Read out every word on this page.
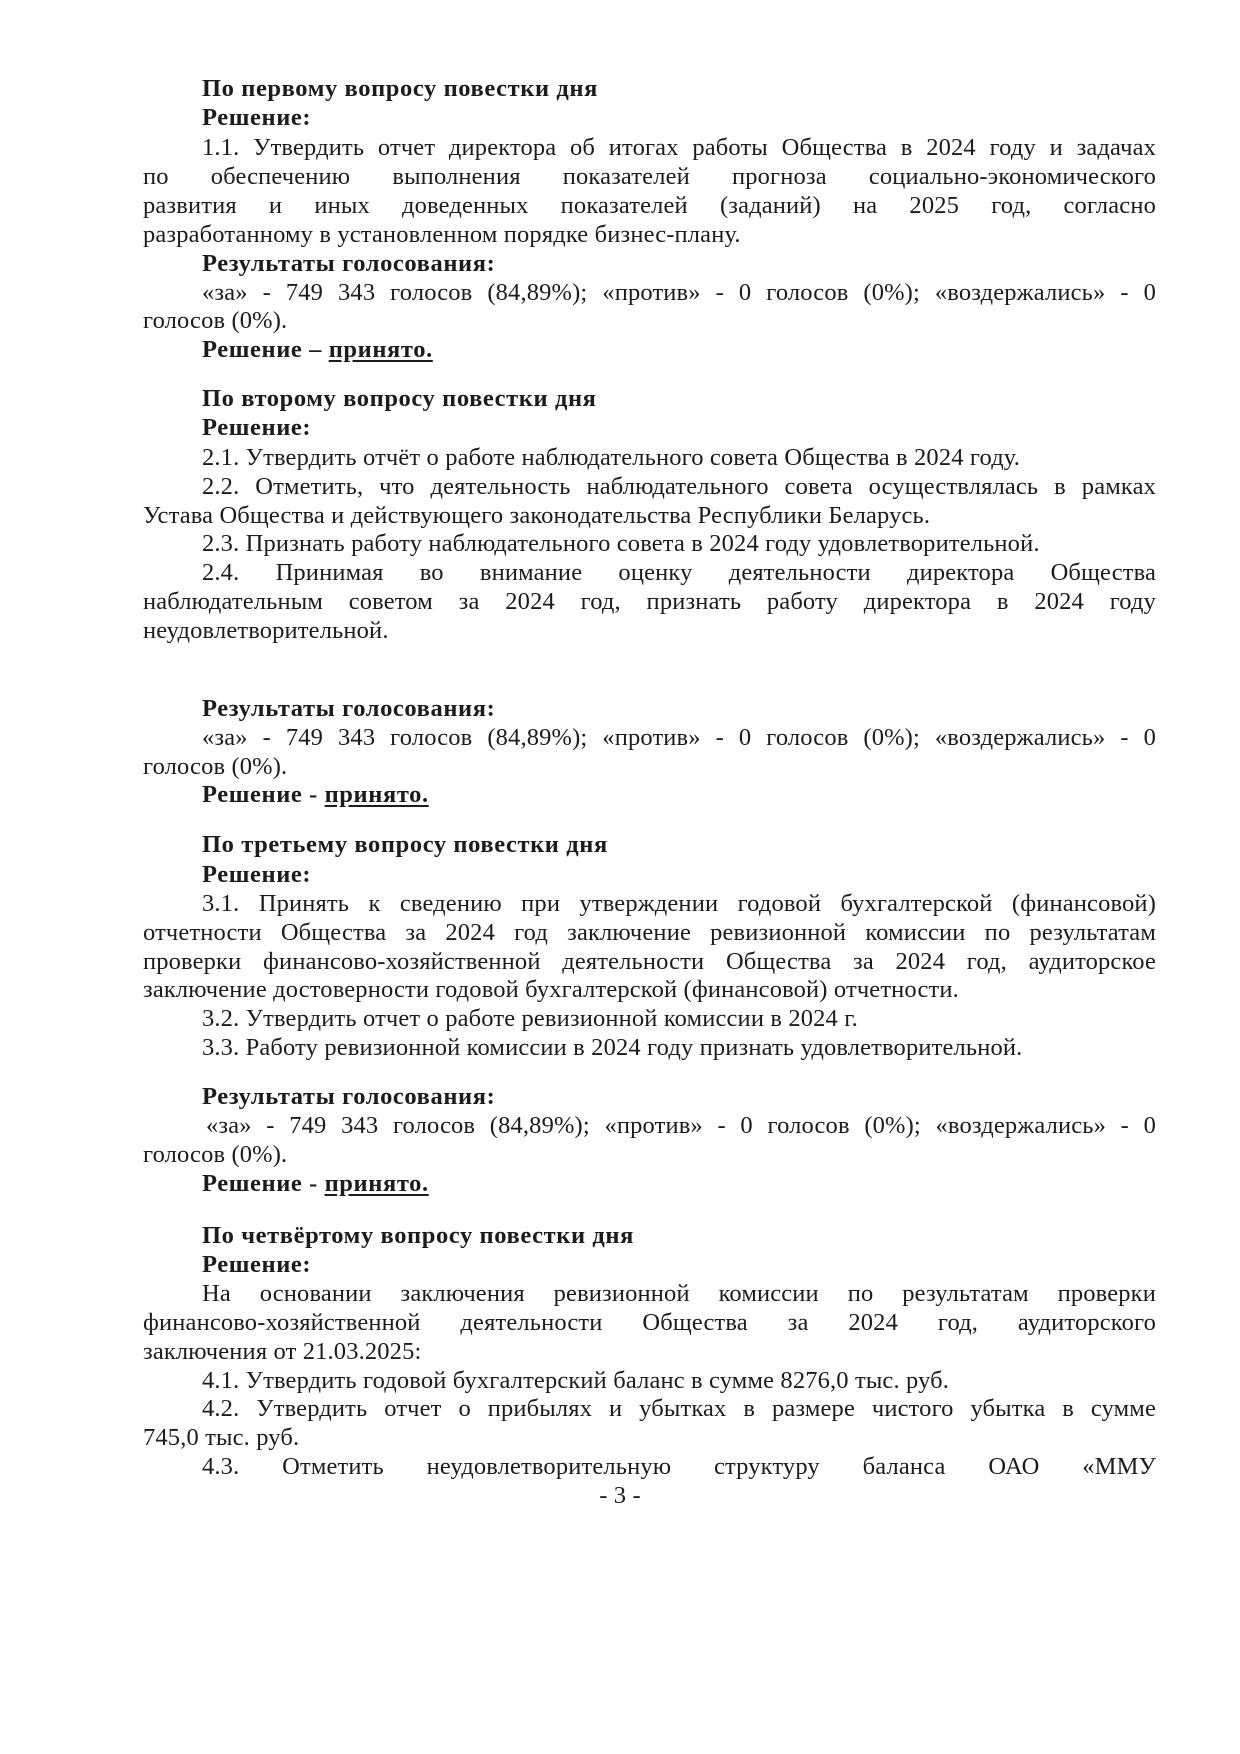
По первому вопросу повестки дня
Решение:
1.1. Утвердить отчет директора об итогах работы Общества в 2024 году и задачах
по обеспечению выполнения показателей прогноза социально-экономического
развития и иных доведенных показателей (заданий) на 2025 год, согласно
разработанному в установленном порядке бизнес-плану.
Результаты голосования:
«за» - 749 343 голосов (84,89%); «против» - 0 голосов (0%); «воздержались» - 0
голосов (0%).
Решение – принято.
По второму вопросу повестки дня
Решение:
2.1. Утвердить отчёт о работе наблюдательного совета Общества в 2024 году.
2.2. Отметить, что деятельность наблюдательного совета осуществлялась в рамках
Устава Общества и действующего законодательства Республики Беларусь.
2.3. Признать работу наблюдательного совета в 2024 году удовлетворительной.
2.4. Принимая во внимание оценку деятельности директора Общества
наблюдательным советом за 2024 год, признать работу директора в 2024 году
неудовлетворительной.
Результаты голосования:
«за» - 749 343 голосов (84,89%); «против» - 0 голосов (0%); «воздержались» - 0
голосов (0%).
Решение - принято.
По третьему вопросу повестки дня
Решение:
3.1. Принять к сведению при утверждении годовой бухгалтерской (финансовой)
отчетности Общества за 2024 год заключение ревизионной комиссии по результатам
проверки финансово-хозяйственной деятельности Общества за 2024 год, аудиторское
заключение достоверности годовой бухгалтерской (финансовой) отчетности.
3.2. Утвердить отчет о работе ревизионной комиссии в 2024 г.
3.3. Работу ревизионной комиссии в 2024 году признать удовлетворительной.
Результаты голосования:
«за» - 749 343 голосов (84,89%); «против» - 0 голосов (0%); «воздержались» - 0
голосов (0%).
Решение - принято.
По четвёртому вопросу повестки дня
Решение:
На основании заключения ревизионной комиссии по результатам проверки
финансово-хозяйственной деятельности Общества за 2024 год, аудиторского
заключения от 21.03.2025:
4.1. Утвердить годовой бухгалтерский баланс в сумме 8276,0 тыс. руб.
4.2. Утвердить отчет о прибылях и убытках в размере чистого убытка в сумме
745,0 тыс. руб.
4.3. Отметить неудовлетворительную структуру баланса ОАО «ММУ
- 3 -
